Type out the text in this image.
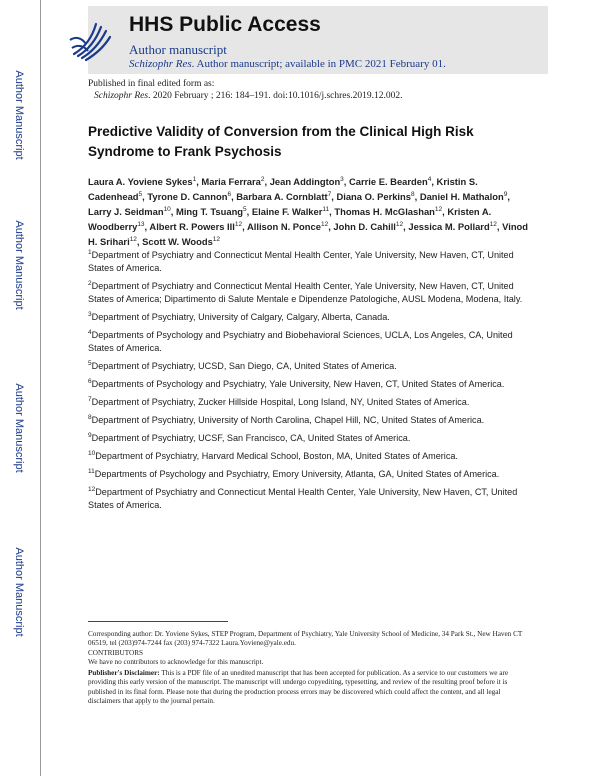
Author Manuscript
Author Manuscript
Author Manuscript
Author Manuscript
HHS Public Access
Author manuscript
Schizophr Res. Author manuscript; available in PMC 2021 February 01.
Published in final edited form as:
Schizophr Res. 2020 February ; 216: 184–191. doi:10.1016/j.schres.2019.12.002.
Predictive Validity of Conversion from the Clinical High Risk Syndrome to Frank Psychosis
Laura A. Yoviene Sykes$^1$, Maria Ferrara$^2$, Jean Addington$^3$, Carrie E. Bearden$^4$, Kristin S. Cadenhead$^5$, Tyrone D. Cannon$^6$, Barbara A. Cornblatt$^7$, Diana O. Perkins$^8$, Daniel H. Mathalon$^9$, Larry J. Seidman$^{10}$, Ming T. Tsuang$^5$, Elaine F. Walker$^{11}$, Thomas H. McGlashan$^{12}$, Kristen A. Woodberry$^{13}$, Albert R. Powers III$^{12}$, Allison N. Ponce$^{12}$, John D. Cahill$^{12}$, Jessica M. Pollard$^{12}$, Vinod H. Srihari$^{12}$, Scott W. Woods$^{12}$

$^1$Department of Psychiatry and Connecticut Mental Health Center, Yale University, New Haven, CT, United States of America.

$^2$Department of Psychiatry and Connecticut Mental Health Center, Yale University, New Haven, CT, United States of America; Dipartimento di Salute Mentale e Dipendenze Patologiche, AUSL Modena, Modena, Italy.

$^3$Department of Psychiatry, University of Calgary, Calgary, Alberta, Canada.

$^4$Departments of Psychology and Psychiatry and Biobehavioral Sciences, UCLA, Los Angeles, CA, United States of America.

$^5$Department of Psychiatry, UCSD, San Diego, CA, United States of America.

$^6$Departments of Psychology and Psychiatry, Yale University, New Haven, CT, United States of America.

$^7$Department of Psychiatry, Zucker Hillside Hospital, Long Island, NY, United States of America.

$^8$Department of Psychiatry, University of North Carolina, Chapel Hill, NC, United States of America.

$^9$Department of Psychiatry, UCSF, San Francisco, CA, United States of America.

$^{10}$Department of Psychiatry, Harvard Medical School, Boston, MA, United States of America.

$^{11}$Departments of Psychology and Psychiatry, Emory University, Atlanta, GA, United States of America.

$^{12}$Department of Psychiatry and Connecticut Mental Health Center, Yale University, New Haven, CT, United States of America.

Corresponding author: Dr. Yoviene Sykes, STEP Program, Department of Psychiatry, Yale University School of Medicine, 34 Park St., New Haven CT 06519, tel (203)974-7244 fax (203) 974-7322 Laura.Yoviene@yale.edu.

CONTRIBUTORS

We have no contributors to acknowledge for this manuscript.

Publisher's Disclaimer: This is a PDF file of an unedited manuscript that has been accepted for publication. As a service to our customers we are providing this early version of the manuscript. The manuscript will undergo copyediting, typesetting, and review of the resulting proof before it is published in its final form. Please note that during the production process errors may be discovered which could affect the content, and all legal disclaimers that apply to the journal pertain.
